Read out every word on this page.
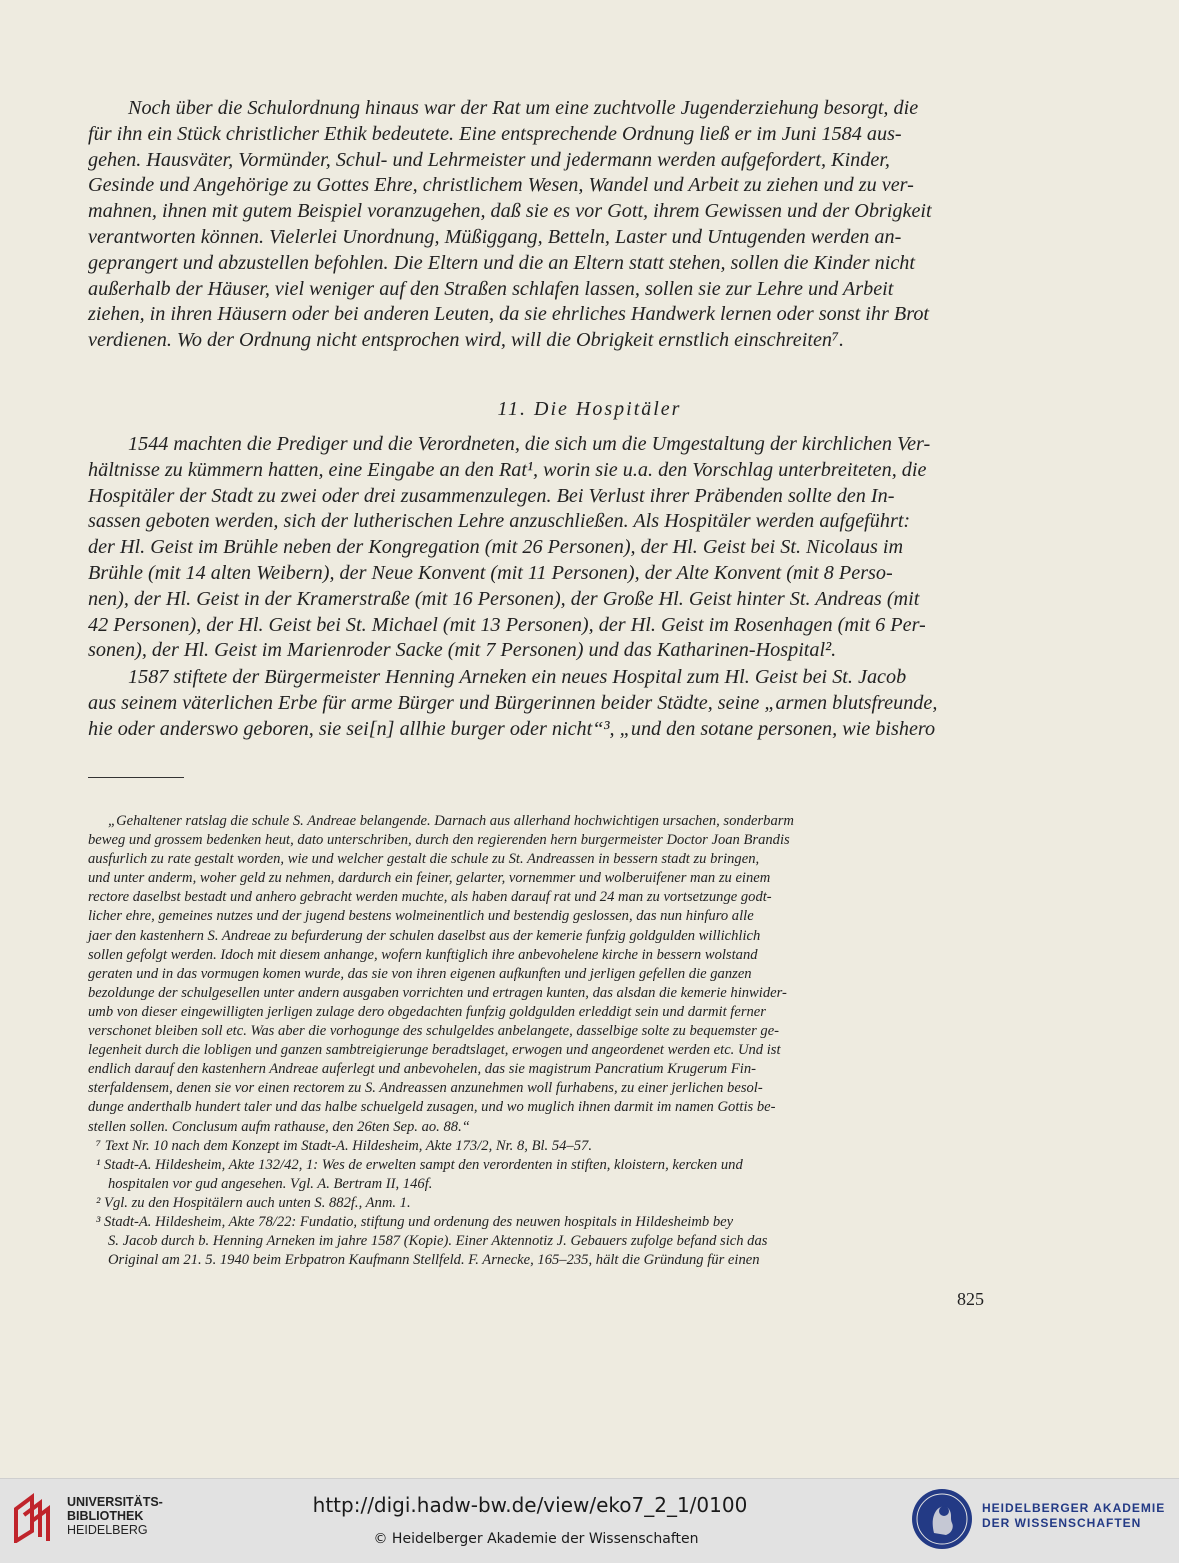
Noch über die Schulordnung hinaus war der Rat um eine zuchtvolle Jugenderziehung besorgt, die
für ihn ein Stück christlicher Ethik bedeutete. Eine entsprechende Ordnung ließ er im Juni 1584 aus-
gehen. Hausväter, Vormünder, Schul- und Lehrmeister und jedermann werden aufgefordert, Kinder,
Gesinde und Angehörige zu Gottes Ehre, christlichem Wesen, Wandel und Arbeit zu ziehen und zu ver-
mahnen, ihnen mit gutem Beispiel voranzugehen, daß sie es vor Gott, ihrem Gewissen und der Obrigkeit
verantworten können. Vielerlei Unordnung, Müßiggang, Betteln, Laster und Untugenden werden an-
geprangert und abzustellen befohlen. Die Eltern und die an Eltern statt stehen, sollen die Kinder nicht
außerhalb der Häuser, viel weniger auf den Straßen schlafen lassen, sollen sie zur Lehre und Arbeit
ziehen, in ihren Häusern oder bei anderen Leuten, da sie ehrliches Handwerk lernen oder sonst ihr Brot
verdienen. Wo der Ordnung nicht entsprochen wird, will die Obrigkeit ernstlich einschreiten⁷.
11. Die Hospitäler
1544 machten die Prediger und die Verordneten, die sich um die Umgestaltung der kirchlichen Ver-
hältnisse zu kümmern hatten, eine Eingabe an den Rat¹, worin sie u.a. den Vorschlag unterbreiteten, die
Hospitäler der Stadt zu zwei oder drei zusammenzulegen. Bei Verlust ihrer Präbenden sollte den In-
sassen geboten werden, sich der lutherischen Lehre anzuschließen. Als Hospitäler werden aufgeführt:
der Hl. Geist im Brühle neben der Kongregation (mit 26 Personen), der Hl. Geist bei St. Nicolaus im
Brühle (mit 14 alten Weibern), der Neue Konvent (mit 11 Personen), der Alte Konvent (mit 8 Perso-
nen), der Hl. Geist in der Kramerstraße (mit 16 Personen), der Große Hl. Geist hinter St. Andreas (mit
42 Personen), der Hl. Geist bei St. Michael (mit 13 Personen), der Hl. Geist im Rosenhagen (mit 6 Per-
sonen), der Hl. Geist im Marienroder Sacke (mit 7 Personen) und das Katharinen-Hospital².
1587 stiftete der Bürgermeister Henning Arneken ein neues Hospital zum Hl. Geist bei St. Jacob
aus seinem väterlichen Erbe für arme Bürger und Bürgerinnen beider Städte, seine „armen blutsfreunde,
hie oder anderswo geboren, sie sei[n] allhie burger oder nicht“³, „und den sotane personen, wie bishero
„Gehaltener ratslag die schule S. Andreae belangende. Darnach aus allerhand hochwichtigen ursachen, sonderbarm
beweg und grossem bedenken heut, dato unterschriben, durch den regierenden hern burgermeister Doctor Joan Brandis
ausfurlich zu rate gestalt worden, wie und welcher gestalt die schule zu St. Andreassen in bessern stadt zu bringen,
und unter anderm, woher geld zu nehmen, dardurch ein feiner, gelarter, vornemmer und wolberuifener man zu einem
rectore daselbst bestadt und anhero gebracht werden muchte, als haben darauf rat und 24 man zu vortsetzunge godt-
licher ehre, gemeines nutzes und der jugend bestens wolmeinentlich und bestendig geslossen, das nun hinfuro alle
jaer den kastenhern S. Andreae zu befurderung der schulen daselbst aus der kemerie funfzig goldgulden willichlich
sollen gefolgt werden. Idoch mit diesem anhange, wofern kunftiglich ihre anbevohelene kirche in bessern wolstand
geraten und in das vormugen komen wurde, das sie von ihren eigenen aufkunften und jerligen gefellen die ganzen
bezoldunge der schulgesellen unter andern ausgaben vorrichten und ertragen kunten, das alsdan die kemerie hinwider-
umb von dieser eingewilligten jerligen zulage dero obgedachten funfzig goldgulden erleddigt sein und darmit ferner
verschonet bleiben soll etc. Was aber die vorhogunge des schulgeldes anbelangete, dasselbige solte zu bequemster ge-
legenheit durch die lobligen und ganzen sambtreigierunge beradtslaget, erwogen und angeordenet werden etc. Und ist
endlich darauf den kastenhern Andreae auferlegt und anbevohelen, das sie magistrum Pancratium Krugerum Fin-
sterfaldensem, denen sie vor einen rectorem zu S. Andreassen anzunehmen woll furhabens, zu einer jerlichen besol-
dunge anderthalb hundert taler und das halbe schuelgeld zusagen, und wo muglich ihnen darmit im namen Gottis be-
stellen sollen. Conclusum aufm rathause, den 26ten Sep. ao. 88.“
⁷ Text Nr. 10 nach dem Konzept im Stadt-A. Hildesheim, Akte 173/2, Nr. 8, Bl. 54–57.
¹ Stadt-A. Hildesheim, Akte 132/42, 1: Wes de erwelten sampt den verordenten in stiften, kloistern, kercken und
hospitalen vor gud angesehen. Vgl. A. Bertram II, 146f.
² Vgl. zu den Hospitälern auch unten S. 882f., Anm. 1.
³ Stadt-A. Hildesheim, Akte 78/22: Fundatio, stiftung und ordenung des neuwen hospitals in Hildesheimb bey
S. Jacob durch b. Henning Arneken im jahre 1587 (Kopie). Einer Aktennotiz J. Gebauers zufolge befand sich das
Original am 21. 5. 1940 beim Erbpatron Kaufmann Stellfeld. F. Arnecke, 165–235, hält die Gründung für einen
825
UNIVERSITÄTS-
BIBLIOTHEK
HEIDELBERG
http://digi.hadw-bw.de/view/eko7_2_1/0100
© Heidelberger Akademie der Wissenschaften
HEIDELBERGER AKADEMIE
DER WISSENSCHAFTEN
